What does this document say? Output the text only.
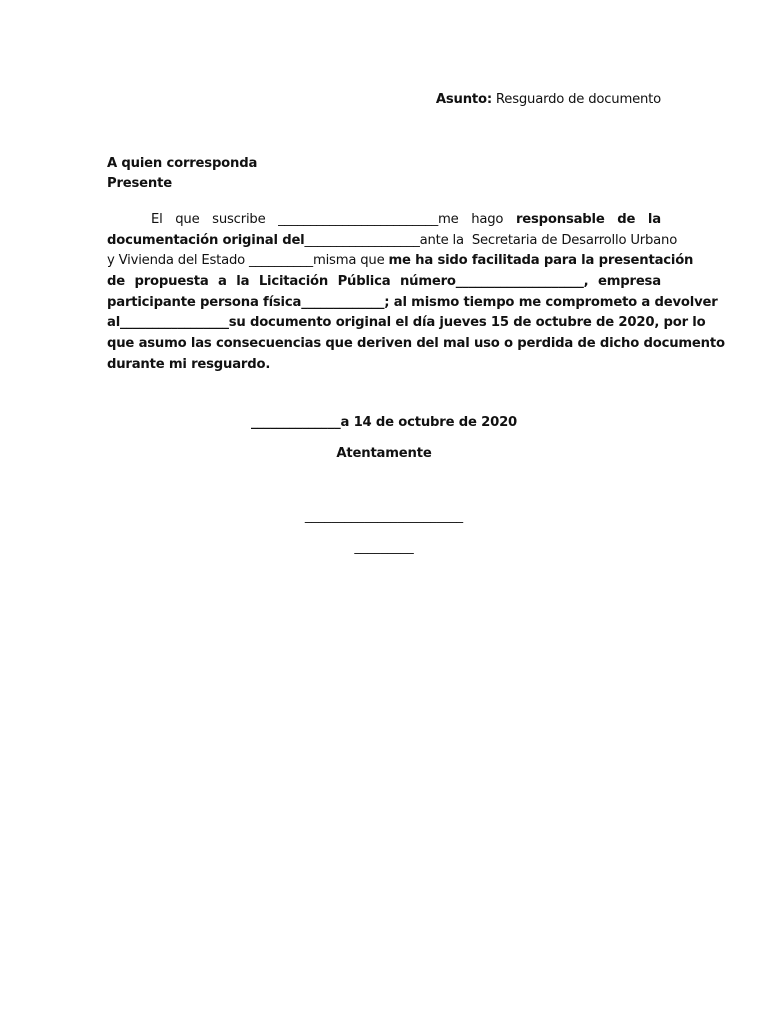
Asunto: Resguardo de documento
A quien corresponda
Presente
El que suscribe _________________________me hago responsable de la
documentación original del __________________ante la  Secretaria de Desarrollo Urbano
y Vivienda del Estado __________misma que me ha sido facilitada para la presentación
de propuesta a la Licitación Pública número____________________, empresa
participante persona física_____________; al mismo tiempo me comprometo a devolver
al _________________su documento original el día jueves 15 de octubre de 2020, por lo
que asumo las consecuencias que deriven del mal uso o perdida de dicho documento
durante mi resguardo.
______________a 14 de octubre de 2020
Atentamente
________________________
_________
